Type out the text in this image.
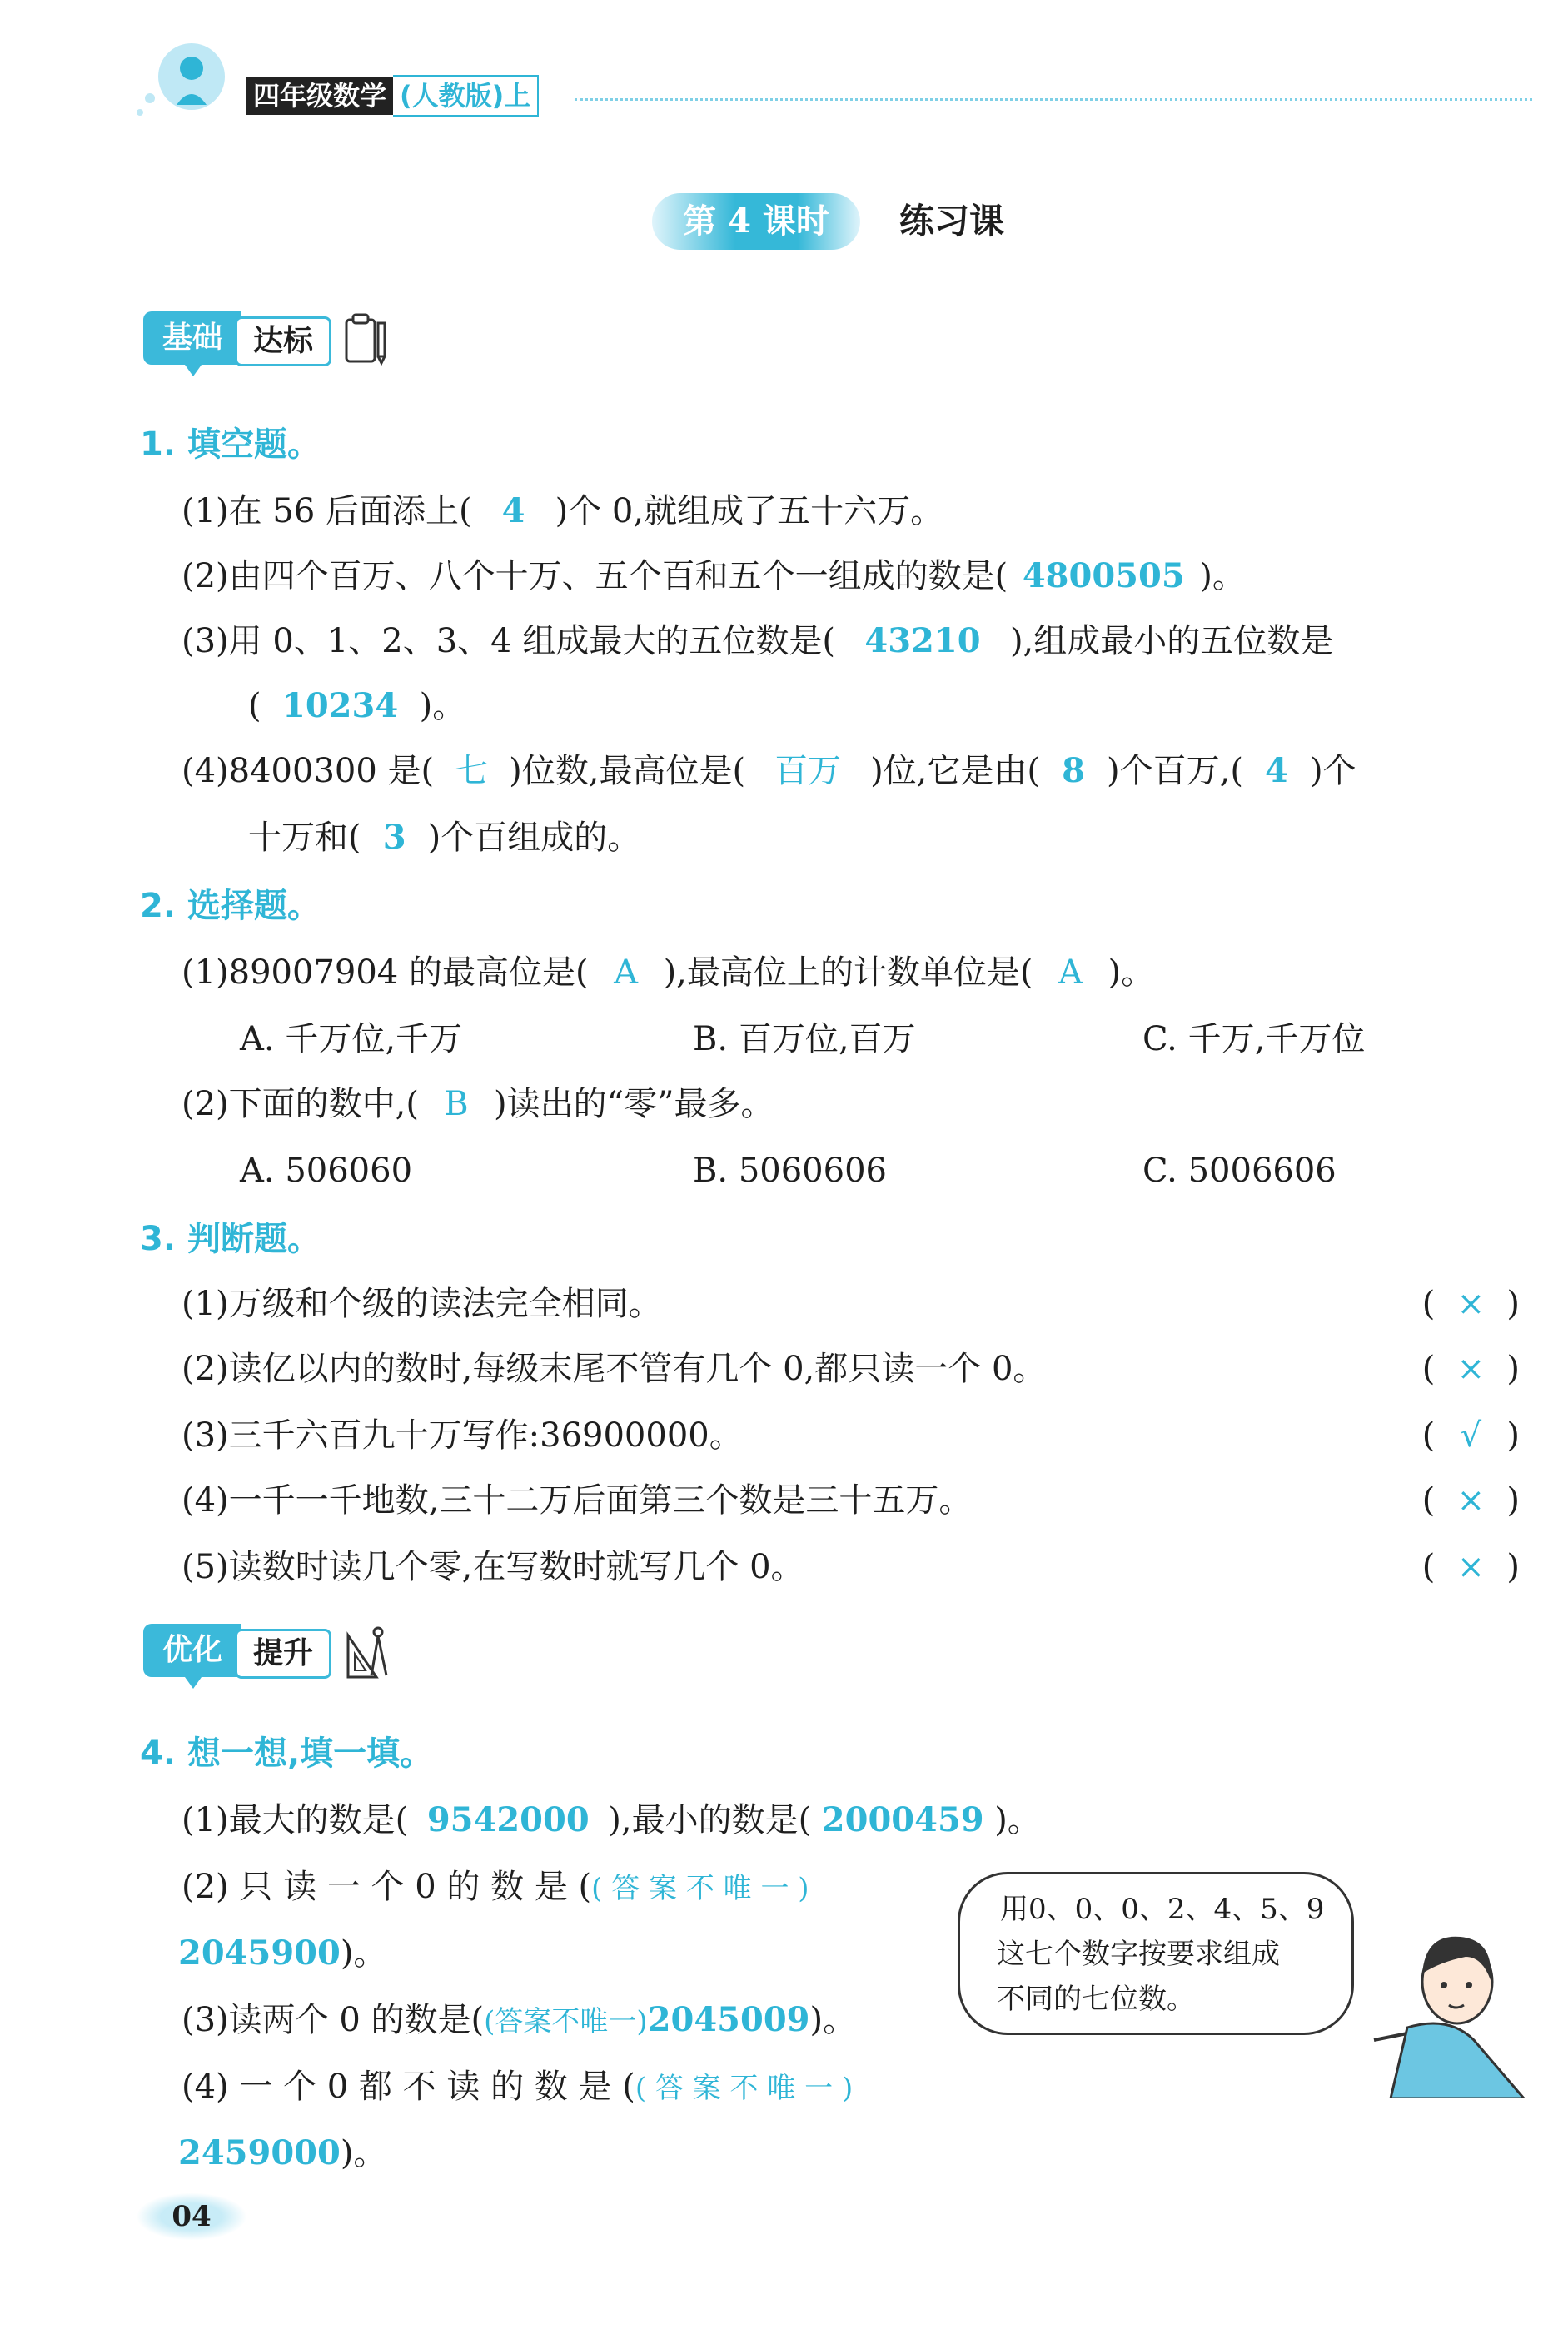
四年级数学 (人教版)上
第 4 课时	练习课
基础	达标
1. 填空题。
(1)在 56 后面添上( 4 )个 0,就组成了五十六万。
(2)由四个百万、八个十万、五个百和五个一组成的数是( 4800505 )。
(3)用 0、1、2、3、4 组成最大的五位数是( 43210 ),组成最小的五位数是
( 10234 )。
(4)8400300 是( 七 )位数,最高位是( 百万 )位,它是由( 8 )个百万,( 4 )个
十万和( 3 )个百组成的。
2. 选择题。
(1)89007904 的最高位是( A ),最高位上的计数单位是( A )。
A. 千万位,千万	B. 百万位,百万	C. 千万,千万位
(2)下面的数中,( B )读出的“零”最多。
A. 506060	B. 5060606	C. 5006606
3. 判断题。
(1)万级和个级的读法完全相同。	( × )
(2)读亿以内的数时,每级末尾不管有几个 0,都只读一个 0。	( × )
(3)三千六百九十万写作:36900000。	( √ )
(4)一千一千地数,三十二万后面第三个数是三十五万。	( × )
(5)读数时读几个零,在写数时就写几个 0。	( × )
优化	提升
4. 想一想,填一填。
(1)最大的数是( 9542000 ),最小的数是( 2000459 )。
(2) 只 读 一 个 0 的 数 是 (( 答 案 不 唯 一 )
2045900)。
(3)读两个 0 的数是((答案不唯一)2045009)。
(4) 一 个 0 都 不 读 的 数 是 (( 答 案 不 唯 一 )
2459000)。
用0、0、0、2、4、5、9
这七个数字按要求组成
不同的七位数。
04
